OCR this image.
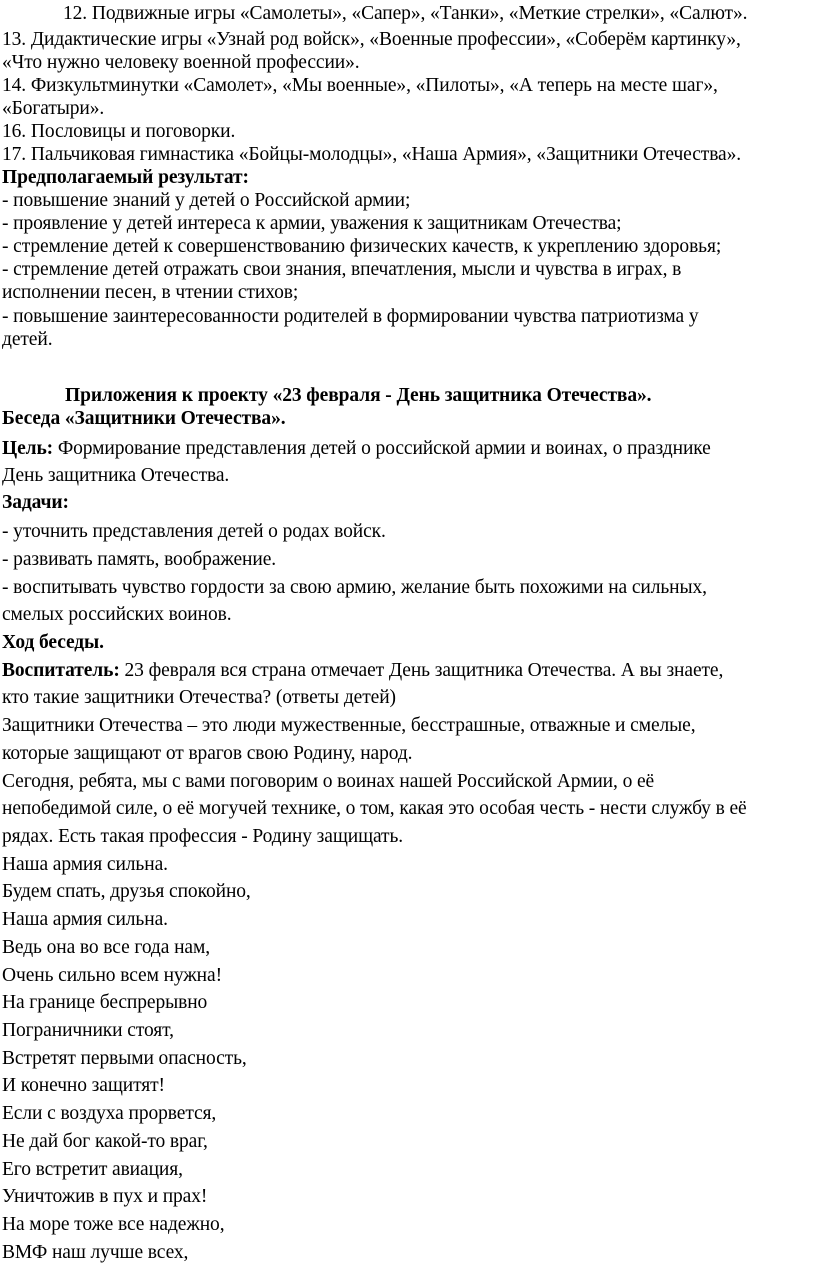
12. Подвижные игры «Самолеты», «Сапер», «Танки», «Меткие стрелки», «Салют».
13. Дидактические игры «Узнай род войск», «Военные профессии», «Соберём картинку»,
«Что нужно человеку военной профессии».
14. Физкультминутки «Самолет», «Мы военные», «Пилоты», «А теперь на месте шаг»,
«Богатыри».
16. Пословицы и поговорки.
17. Пальчиковая гимнастика «Бойцы-молодцы», «Наша Армия», «Защитники Отечества».
Предполагаемый результат:
- повышение знаний у детей о Российской армии;
- проявление у детей интереса к армии, уважения к защитникам Отечества;
- стремление детей к совершенствованию физических качеств, к укреплению здоровья;
- стремление детей отражать свои знания, впечатления, мысли и чувства в играх, в
исполнении песен, в чтении стихов;
- повышение заинтересованности родителей в формировании чувства патриотизма у
детей.
Приложения к проекту «23 февраля - День защитника Отечества».
Беседа «Защитники Отечества».
Цель: Формирование представления детей о российской армии и воинах, о празднике
День защитника Отечества.
Задачи:
- уточнить представления детей о родах войск.
- развивать память, воображение.
- воспитывать чувство гордости за свою армию, желание быть похожими на сильных,
смелых российских воинов.
Ход беседы.
Воспитатель: 23 февраля вся страна отмечает День защитника Отечества. А вы знаете,
кто такие защитники Отечества? (ответы детей)
Защитники Отечества – это люди мужественные, бесстрашные, отважные и смелые,
которые защищают от врагов свою Родину, народ.
Сегодня, ребята, мы с вами поговорим о воинах нашей Российской Армии, о её
непобедимой силе, о её могучей технике, о том, какая это особая честь - нести службу в её
рядах. Есть такая профессия - Родину защищать.
Наша армия сильна.
Будем спать, друзья спокойно,
Наша армия сильна.
Ведь она во все года нам,
Очень сильно всем нужна!
На границе беспрерывно
Пограничники стоят,
Встретят первыми опасность,
И конечно защитят!
Если с воздуха прорвется,
Не дай бог какой-то враг,
Его встретит авиация,
Уничтожив в пух и прах!
На море тоже все надежно,
ВМФ наш лучше всех,
